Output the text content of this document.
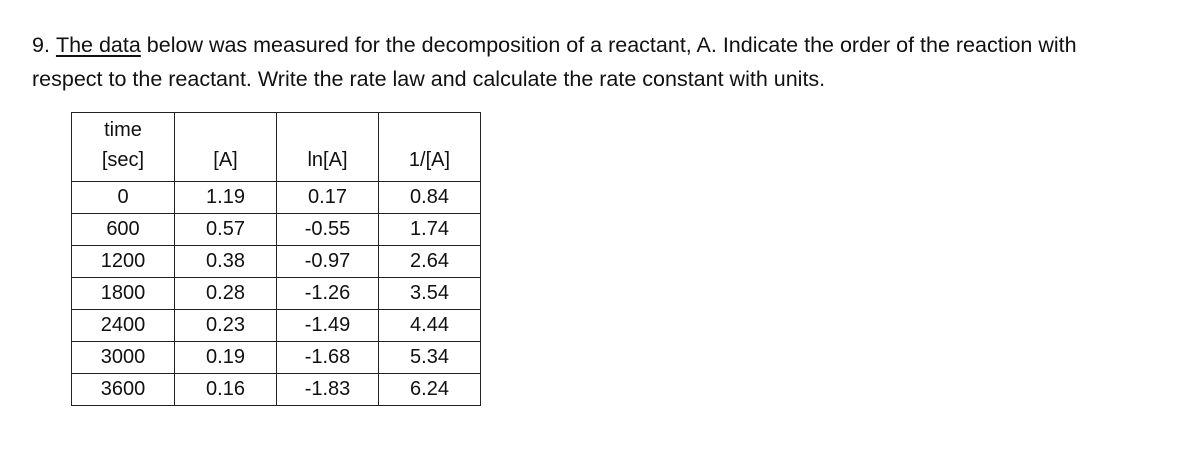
9. The data below was measured for the decomposition of a reactant, A. Indicate the order of the reaction with
respect to the reactant. Write the rate law and calculate the rate constant with units.
time
[sec]	[A]	ln[A]	1/[A]
0	1.19	0.17	0.84
600	0.57	-0.55	1.74
1200	0.38	-0.97	2.64
1800	0.28	-1.26	3.54
2400	0.23	-1.49	4.44
3000	0.19	-1.68	5.34
3600	0.16	-1.83	6.24
